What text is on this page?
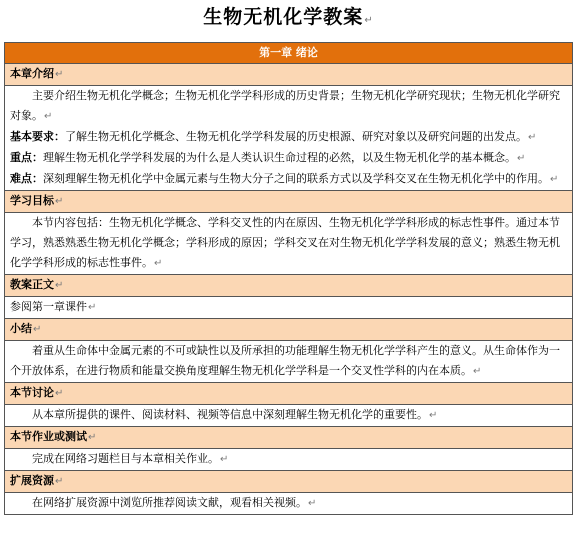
生物无机化学教案↵
第一章 绪论
本章介绍↵

主要介绍生物无机化学概念；生物无机化学学科形成的历史背景；生物无机化学研究现状；生物无机化学研究对象。↵

基本要求：了解生物无机化学概念、生物无机化学学科发展的历史根源、研究对象以及研究问题的出发点。↵

重点：理解生物无机化学学科发展的为什么是人类认识生命过程的必然，以及生物无机化学的基本概念。↵

难点：深刻理解生物无机化学中金属元素与生物大分子之间的联系方式以及学科交叉在生物无机化学中的作用。↵

学习目标↵

本节内容包括：生物无机化学概念、学科交叉性的内在原因、生物无机化学学科形成的标志性事件。通过本节学习，熟悉熟悉生物无机化学概念；学科形成的原因；学科交叉在对生物无机化学学科发展的意义；熟悉生物无机化学学科形成的标志性事件。↵

教案正文↵

参阅第一章课件↵

小结↵

着重从生命体中金属元素的不可或缺性以及所承担的功能理解生物无机化学学科产生的意义。从生命体作为一个开放体系，在进行物质和能量交换角度理解生物无机化学学科是一个交叉性学科的内在本质。↵

本节讨论↵

从本章所提供的课件、阅读材料、视频等信息中深刻理解生物无机化学的重要性。↵

本节作业或测试↵

完成在网络习题栏目与本章相关作业。↵

扩展资源↵

在网络扩展资源中浏览所推荐阅读文献，观看相关视频。↵
